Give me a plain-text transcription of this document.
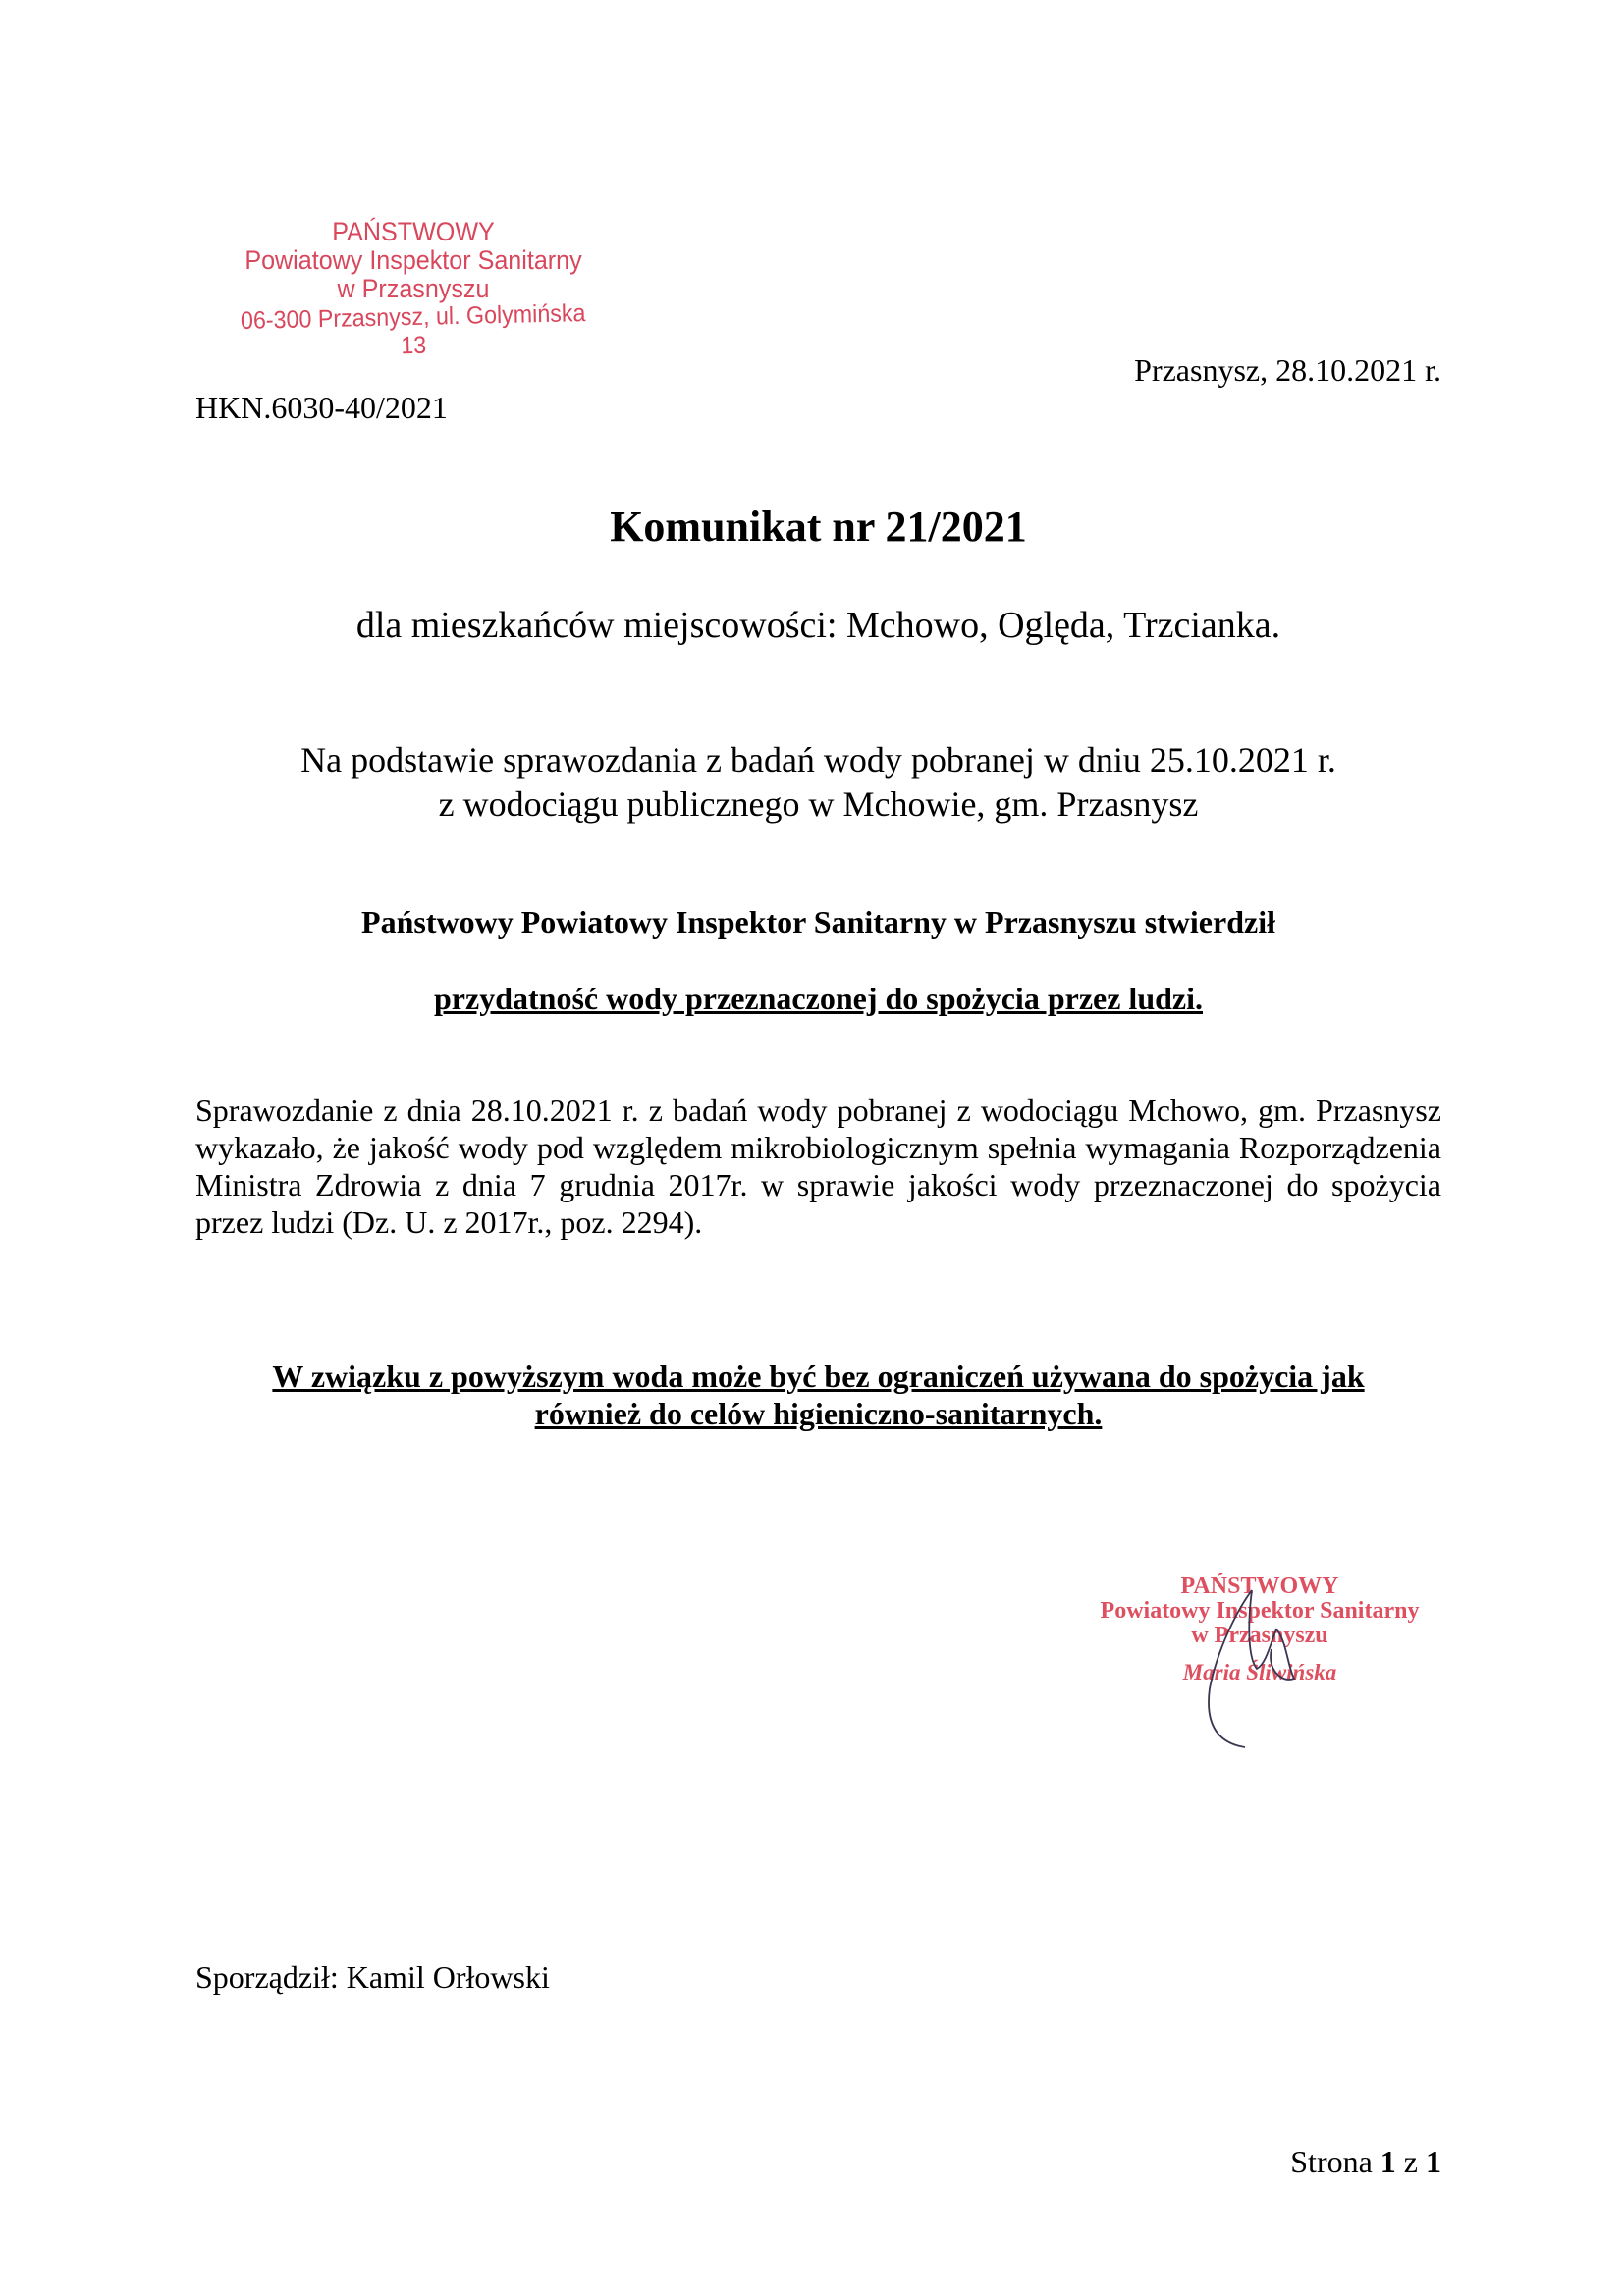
PAŃSTWOWY
Powiatowy Inspektor Sanitarny
w Przasnyszu
06-300 Przasnysz, ul. Golymińska 13
Przasnysz, 28.10.2021 r.
HKN.6030-40/2021
Komunikat nr 21/2021
dla mieszkańców miejscowości: Mchowo, Oględa, Trzcianka.
Na podstawie sprawozdania z badań wody pobranej w dniu 25.10.2021 r.
z wodociągu publicznego w Mchowie, gm. Przasnysz
Państwowy Powiatowy Inspektor Sanitarny w Przasnyszu stwierdził
przydatność wody przeznaczonej do spożycia przez ludzi.
Sprawozdanie z dnia 28.10.2021 r. z badań wody pobranej z wodociągu Mchowo, gm. Przasnysz wykazało, że jakość wody pod względem mikrobiologicznym spełnia wymagania Rozporządzenia Ministra Zdrowia z dnia 7 grudnia 2017r. w sprawie jakości wody przeznaczonej do spożycia przez ludzi (Dz. U. z 2017r., poz. 2294).
W związku z powyższym woda może być bez ograniczeń używana do spożycia jak
również do celów higieniczno-sanitarnych.
PAŃSTWOWY
Powiatowy Inspektor Sanitarny
w Przasnyszu
Maria Śliwińska
Sporządził: Kamil Orłowski
Strona 1 z 1
